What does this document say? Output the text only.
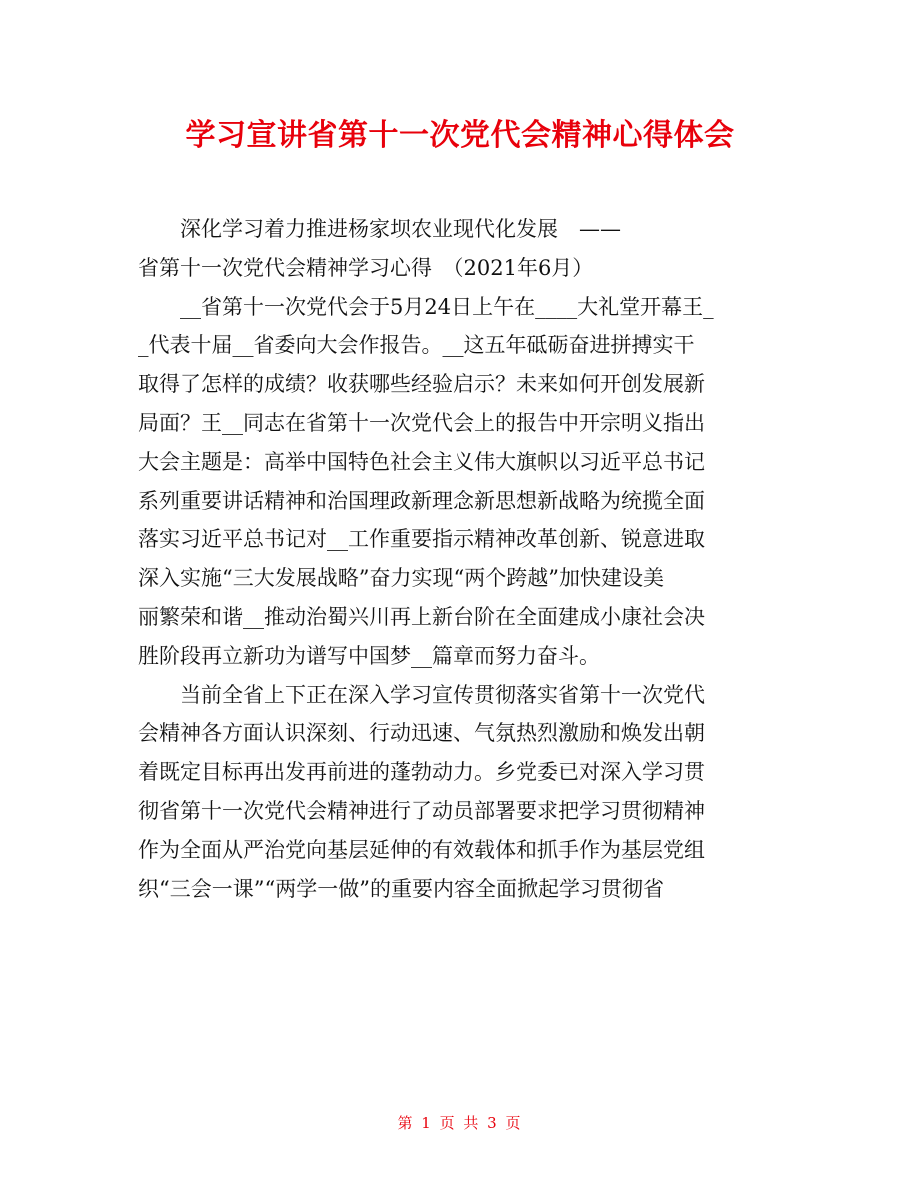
学习宣讲省第十一次党代会精神心得体会
深化学习着力推进杨家坝农业现代化发展　——
省第十一次党代会精神学习心得　（2021年6月）
__省第十一次党代会于5月24日上午在____大礼堂开幕王_
_代表十届__省委向大会作报告。__这五年砥砺奋进拼搏实干
取得了怎样的成绩？收获哪些经验启示？未来如何开创发展新
局面？王__同志在省第十一次党代会上的报告中开宗明义指出
大会主题是：高举中国特色社会主义伟大旗帜以习近平总书记
系列重要讲话精神和治国理政新理念新思想新战略为统揽全面
落实习近平总书记对__工作重要指示精神改革创新、锐意进取
深入实施“三大发展战略”奋力实现“两个跨越”加快建设美
丽繁荣和谐__推动治蜀兴川再上新台阶在全面建成小康社会决
胜阶段再立新功为谱写中国梦__篇章而努力奋斗。
当前全省上下正在深入学习宣传贯彻落实省第十一次党代
会精神各方面认识深刻、行动迅速、气氛热烈激励和焕发出朝
着既定目标再出发再前进的蓬勃动力。乡党委已对深入学习贯
彻省第十一次党代会精神进行了动员部署要求把学习贯彻精神
作为全面从严治党向基层延伸的有效载体和抓手作为基层党组
织“三会一课”“两学一做”的重要内容全面掀起学习贯彻省
第 1 页 共 3 页
